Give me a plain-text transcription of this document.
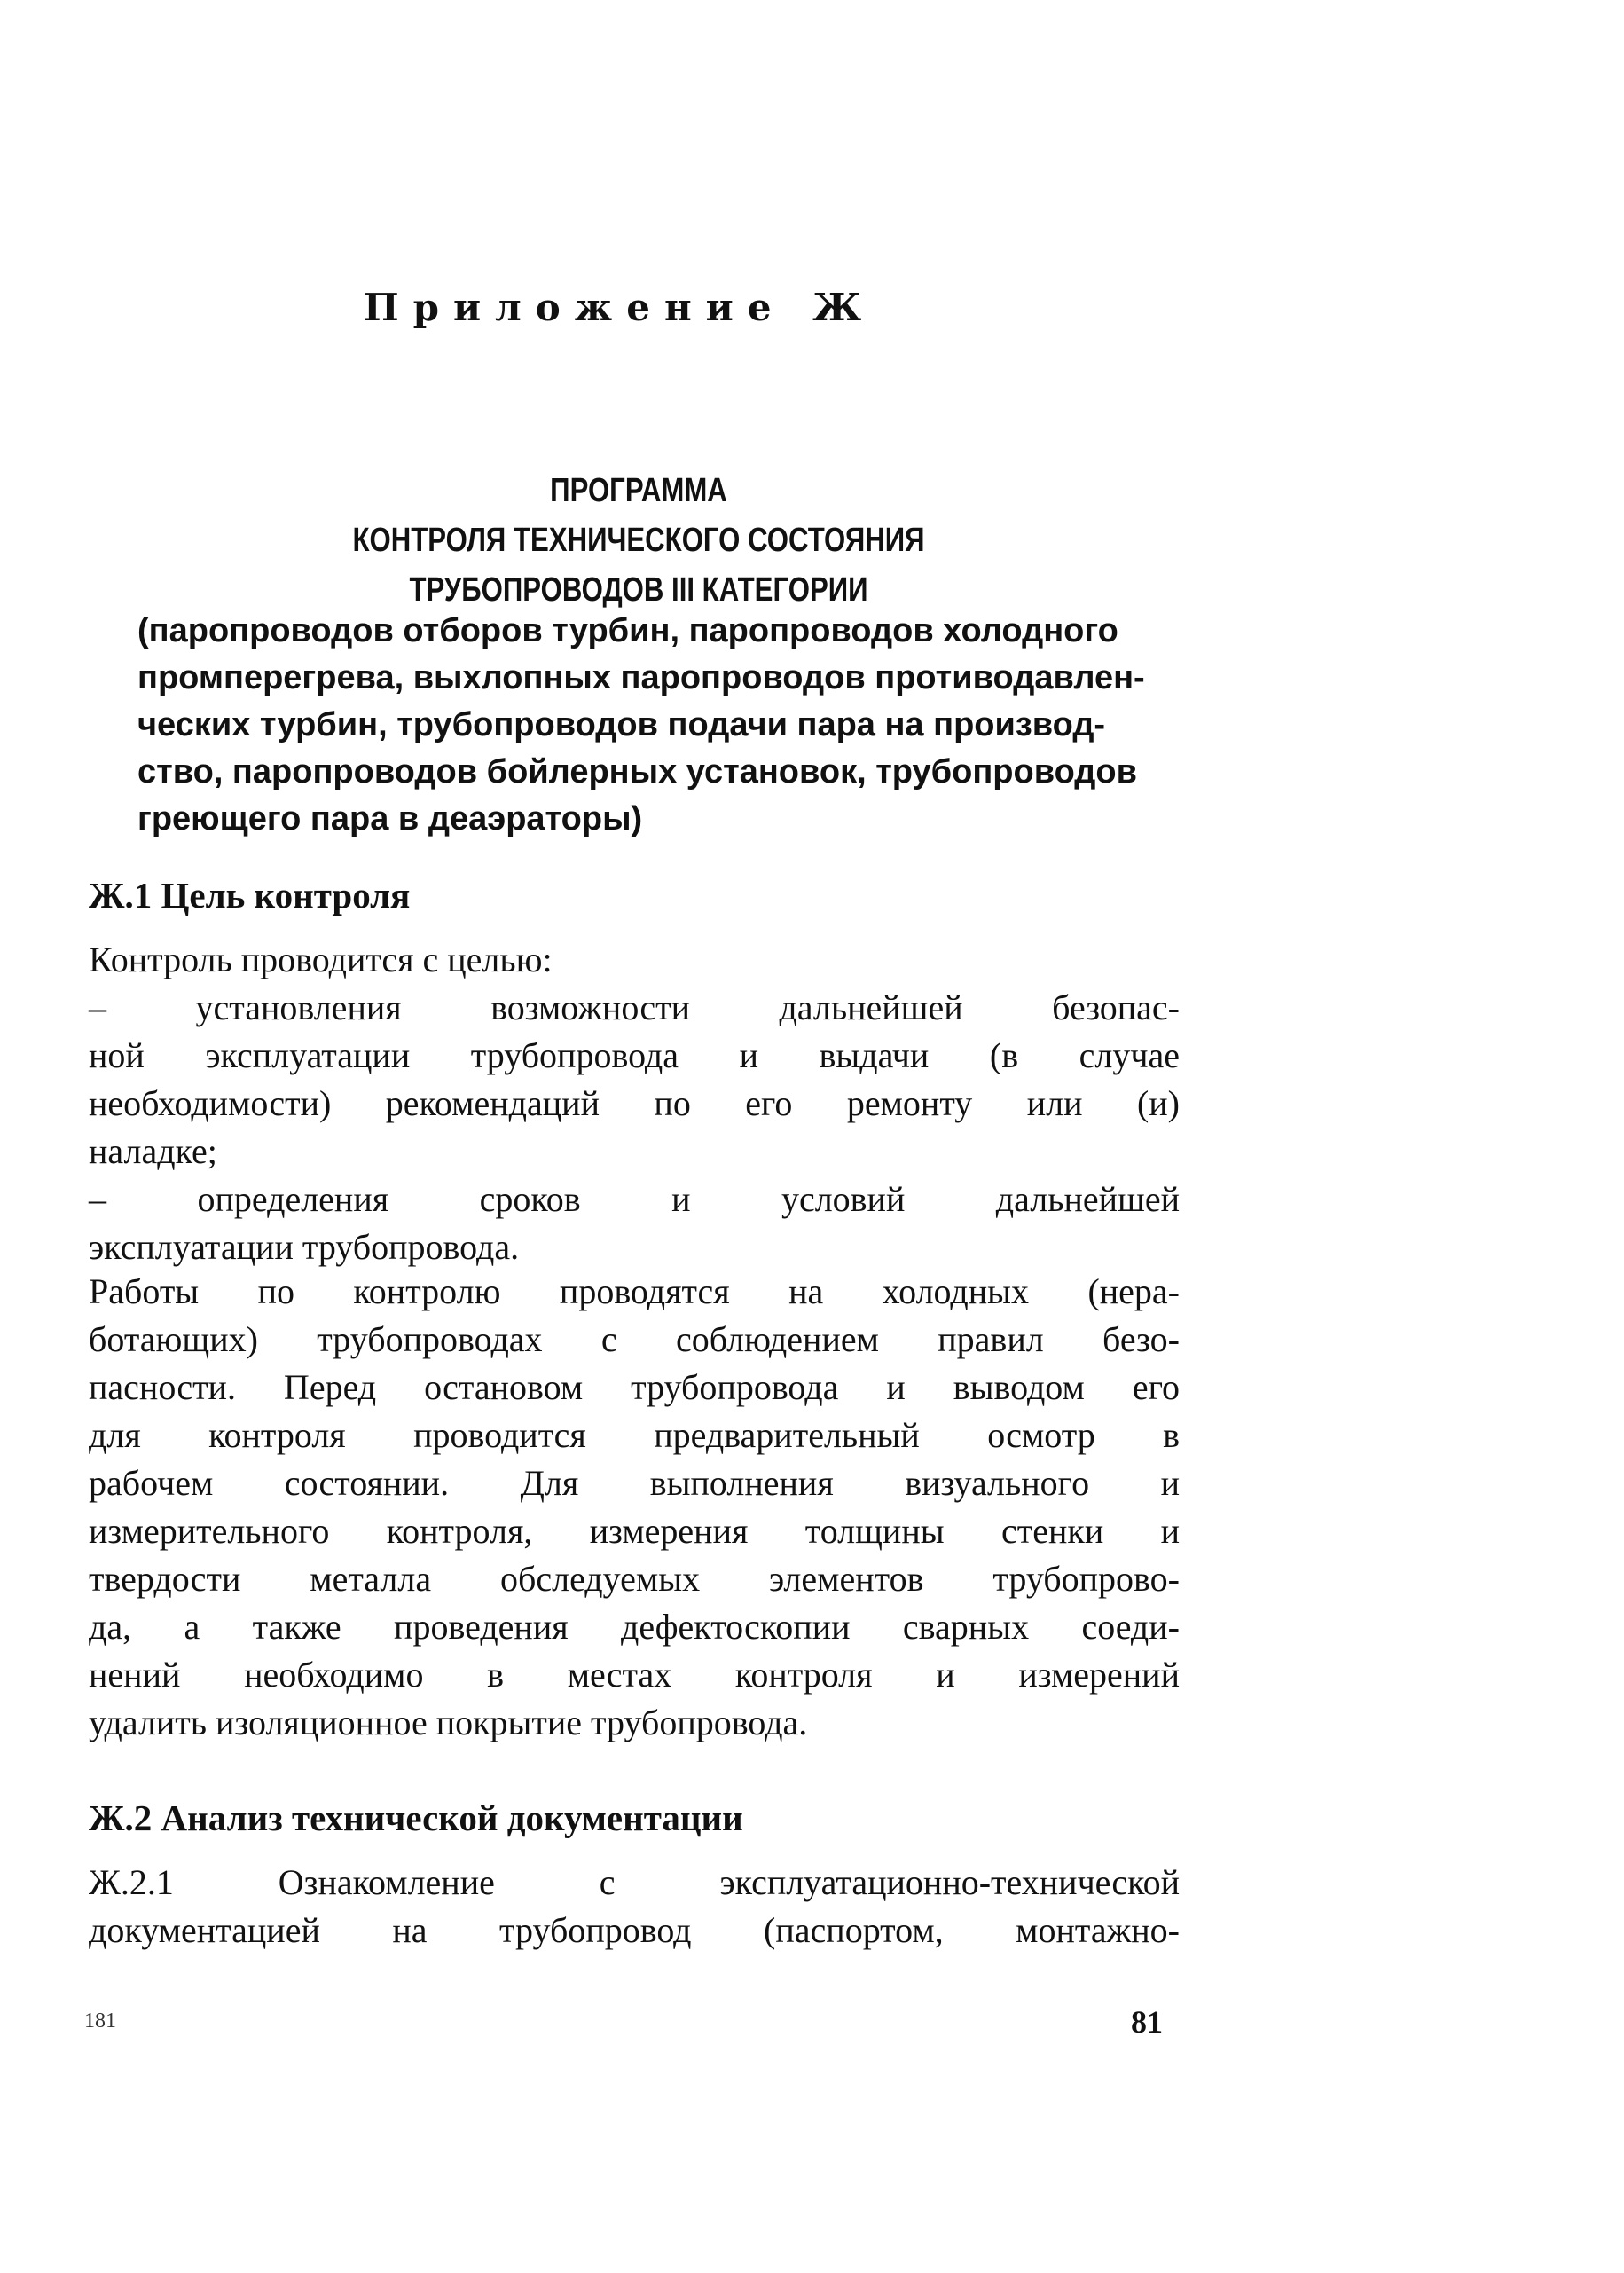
Приложение Ж
ПРОГРАММА
КОНТРОЛЯ ТЕХНИЧЕСКОГО СОСТОЯНИЯ
ТРУБОПРОВОДОВ III КАТЕГОРИИ
(паропроводов отборов турбин, паропроводов холодного
промперегрева, выхлопных паропроводов противодавлен-
ческих турбин, трубопроводов подачи пара на производ-
ство, паропроводов бойлерных установок, трубопроводов
греющего пара в деаэраторы)
Ж.1 Цель контроля
Контроль проводится с целью:
– установления возможности дальнейшей безопас-
ной эксплуатации трубопровода и выдачи (в случае
необходимости) рекомендаций по его ремонту или (и)
наладке;
– определения сроков и условий дальнейшей
эксплуатации трубопровода.
Работы по контролю проводятся на холодных (нера-
ботающих) трубопроводах с соблюдением правил безо-
пасности. Перед остановом трубопровода и выводом его
для контроля проводится предварительный осмотр в
рабочем состоянии. Для выполнения визуального и
измерительного контроля, измерения толщины стенки и
твердости металла обследуемых элементов трубопрово-
да, а также проведения дефектоскопии сварных соеди-
нений необходимо в местах контроля и измерений
удалить изоляционное покрытие трубопровода.
Ж.2 Анализ технической документации
Ж.2.1 Ознакомление с эксплуатационно-технической
документацией на трубопровод (паспортом, монтажно-
181	81
